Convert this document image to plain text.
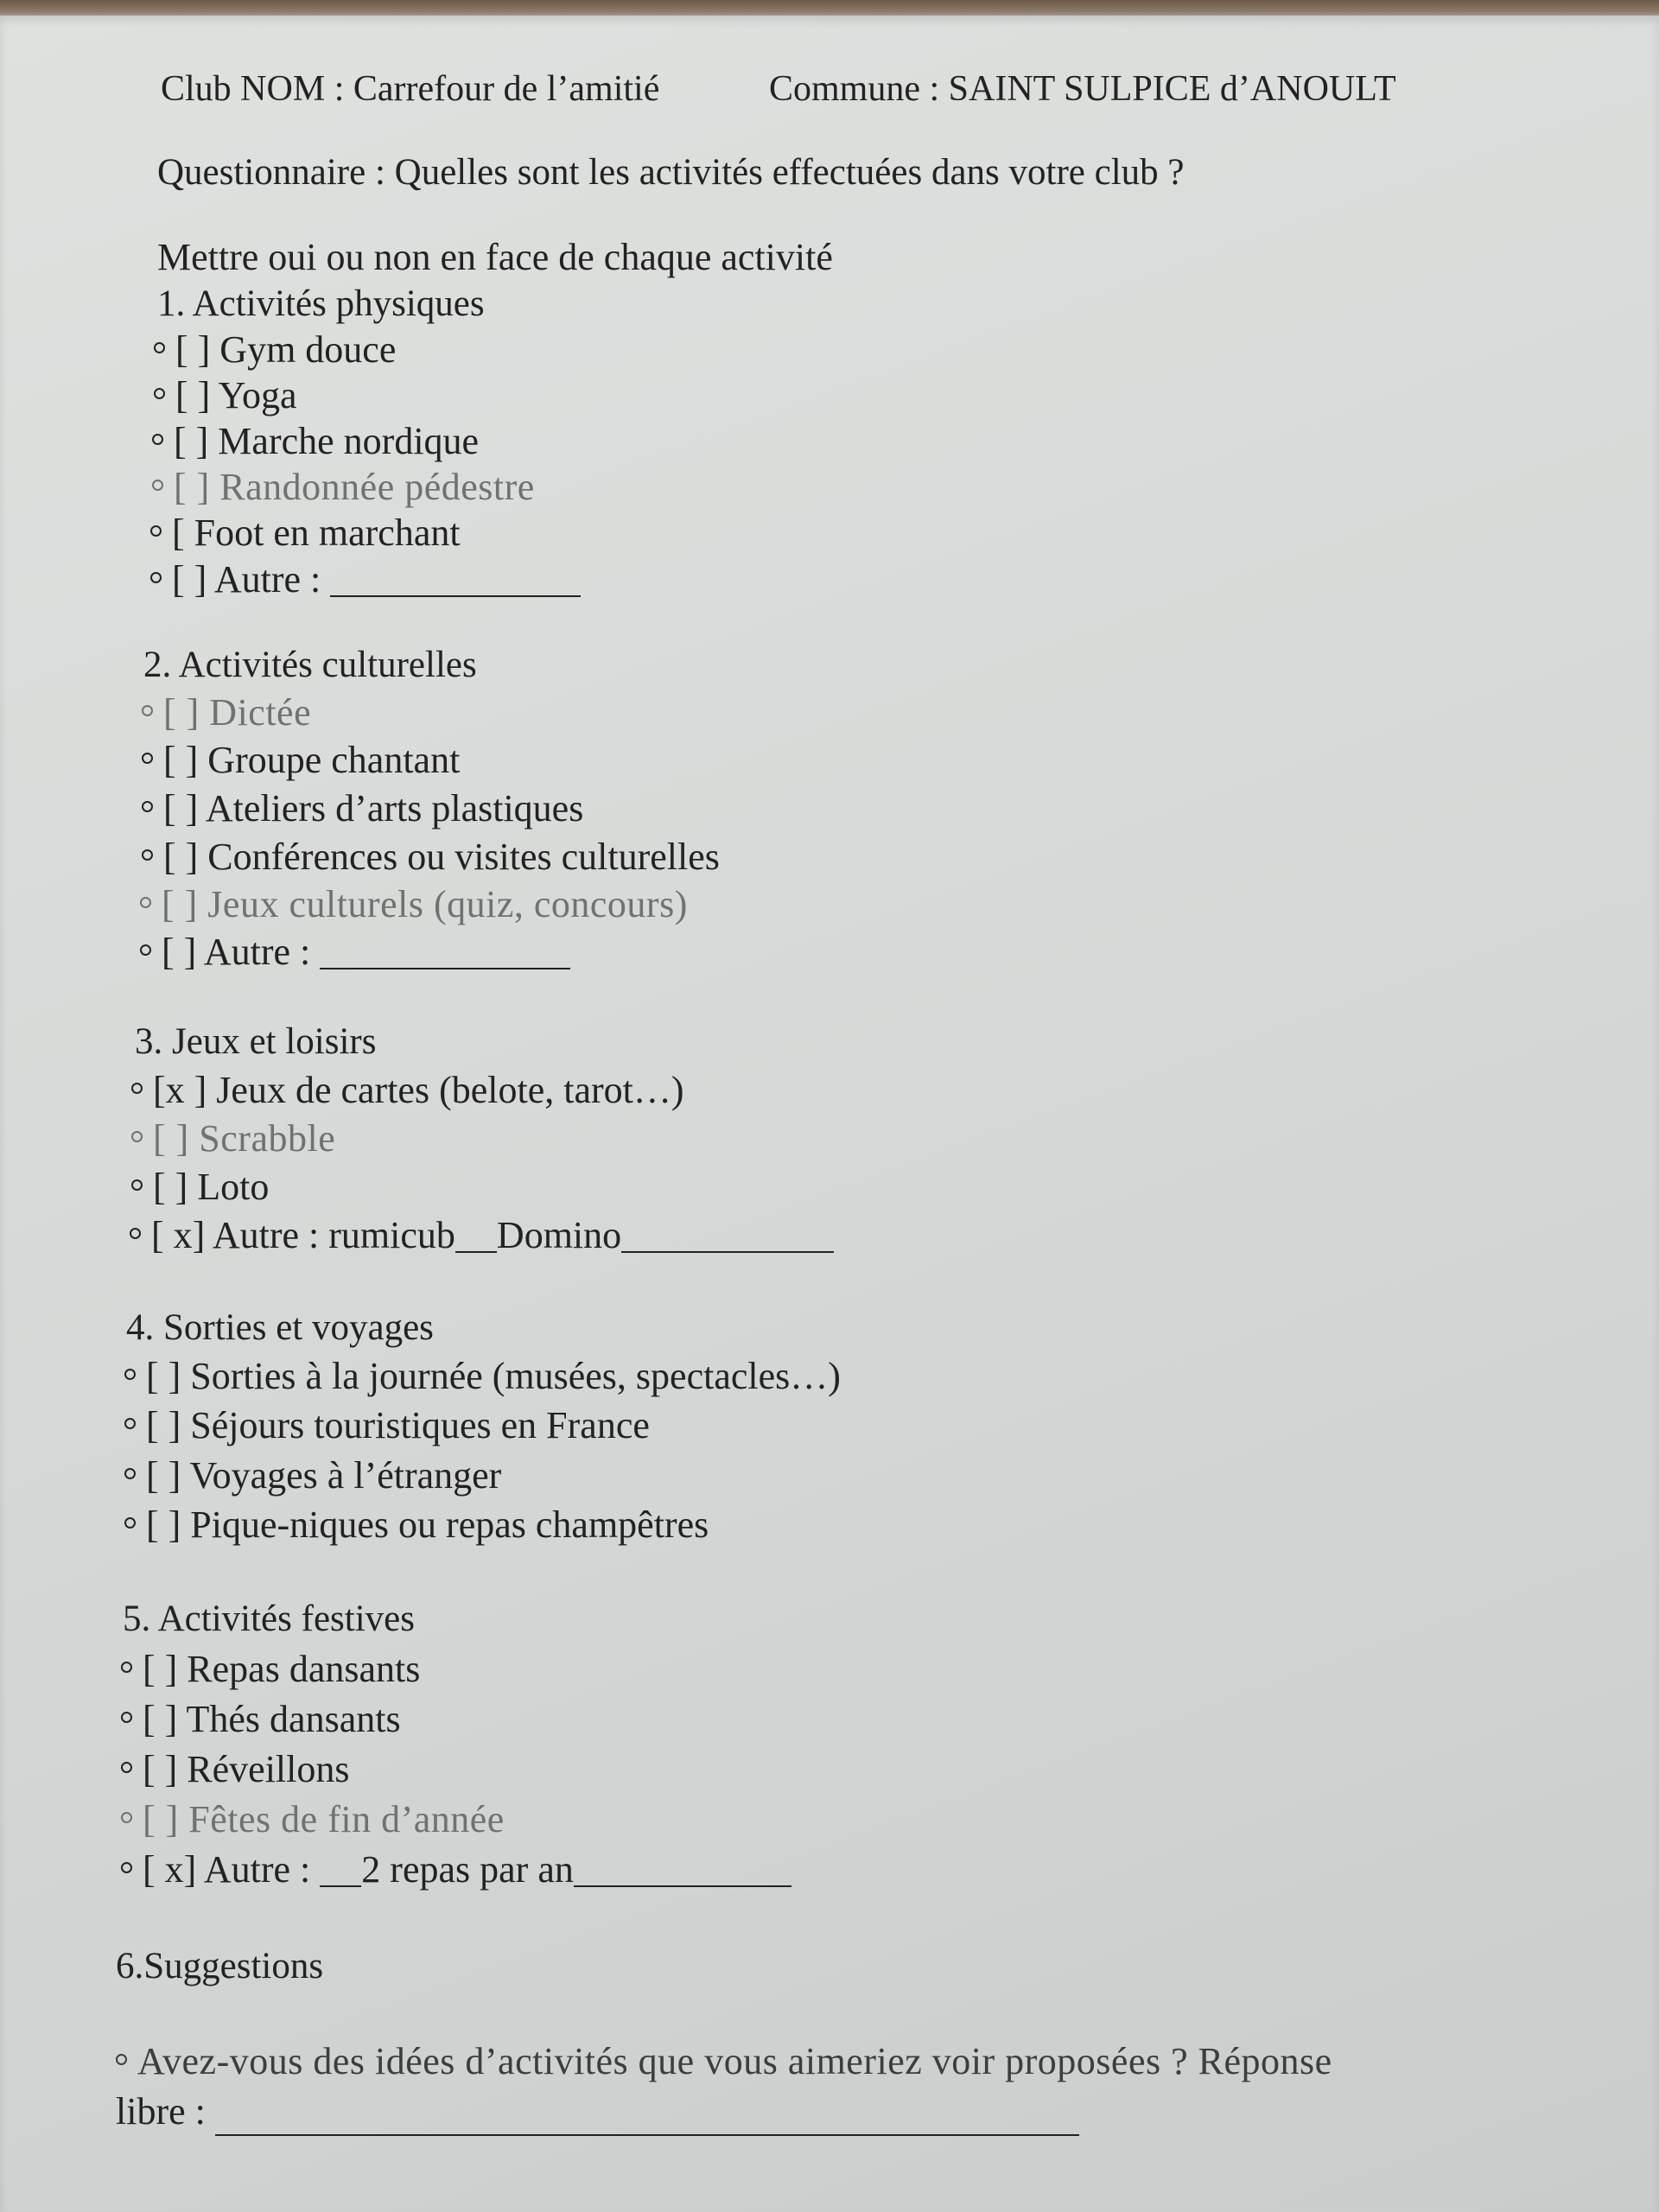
Club NOM : Carrefour de l’amitié	Commune : SAINT SULPICE d’ANOULT
Questionnaire : Quelles sont les activités effectuées dans votre club ?
Mettre oui ou non en face de chaque activité
1. Activités physiques
[ ] Gym douce
[ ] Yoga
[ ] Marche nordique
[ ] Randonnée pédestre
[ Foot en marchant
[ ] Autre :
2. Activités culturelles
[ ] Dictée
[ ] Groupe chantant
[ ] Ateliers d’arts plastiques
[ ] Conférences ou visites culturelles
[ ] Jeux culturels (quiz, concours)
[ ] Autre :
3. Jeux et loisirs
[x ] Jeux de cartes (belote, tarot…)
[ ] Scrabble
[ ] Loto
[ x] Autre : rumicub Domino
4. Sorties et voyages
[ ] Sorties à la journée (musées, spectacles…)
[ ] Séjours touristiques en France
[ ] Voyages à l’étranger
[ ] Pique-niques ou repas champêtres
5. Activités festives
[ ] Repas dansants
[ ] Thés dansants
[ ] Réveillons
[ ] Fêtes de fin d’année
[ x] Autre : 2 repas par an
6.Suggestions
Avez-vous des idées d’activités que vous aimeriez voir proposées ? Réponse
libre :
